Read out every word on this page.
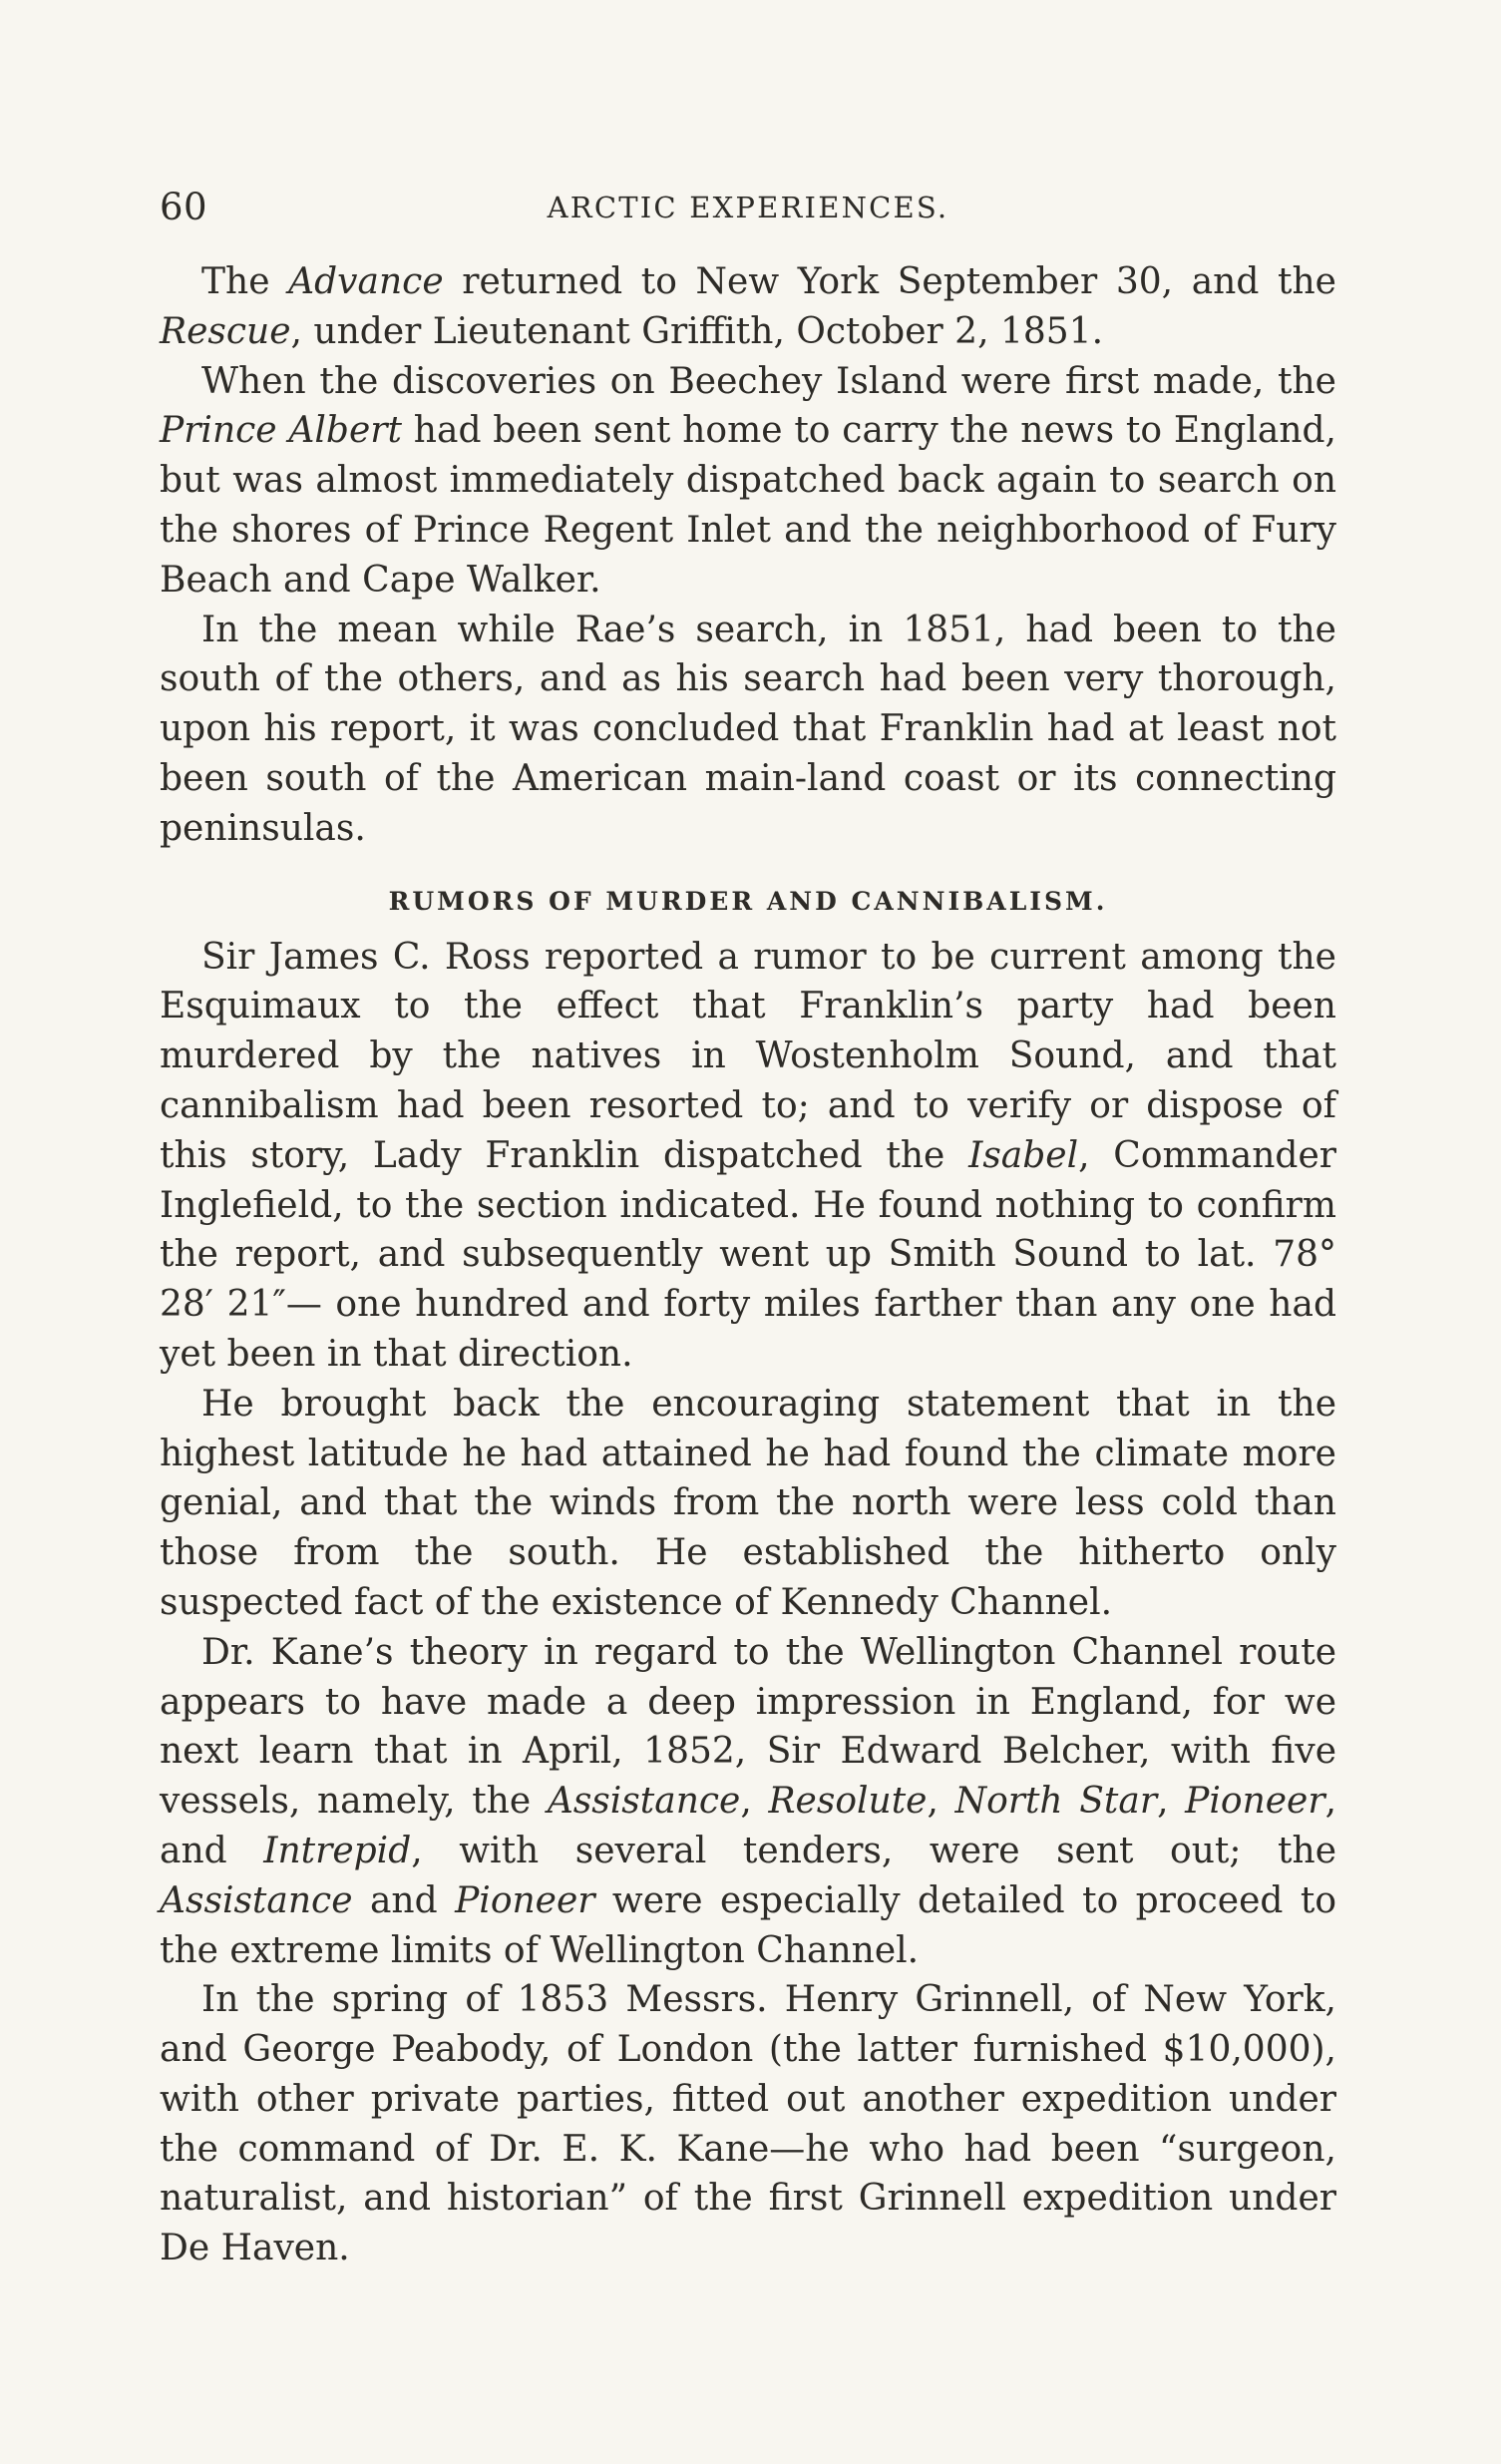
60	ARCTIC EXPERIENCES.

The Advance returned to New York September 30, and the Rescue, under Lieutenant Griffith, October 2, 1851.

When the discoveries on Beechey Island were first made, the Prince Albert had been sent home to carry the news to England, but was almost immediately dispatched back again to search on the shores of Prince Regent Inlet and the neighborhood of Fury Beach and Cape Walker.

In the mean while Rae’s search, in 1851, had been to the south of the others, and as his search had been very thorough, upon his report, it was concluded that Franklin had at least not been south of the American main-land coast or its connecting peninsulas.

RUMORS OF MURDER AND CANNIBALISM.

Sir James C. Ross reported a rumor to be current among the Esquimaux to the effect that Franklin’s party had been murdered by the natives in Wostenholm Sound, and that cannibalism had been resorted to; and to verify or dispose of this story, Lady Franklin dispatched the Isabel, Commander Inglefield, to the section indicated. He found nothing to confirm the report, and subsequently went up Smith Sound to lat. 78° 28′ 21″— one hundred and forty miles farther than any one had yet been in that direction.

He brought back the encouraging statement that in the highest latitude he had attained he had found the climate more genial, and that the winds from the north were less cold than those from the south. He established the hitherto only suspected fact of the existence of Kennedy Channel.

Dr. Kane’s theory in regard to the Wellington Channel route appears to have made a deep impression in England, for we next learn that in April, 1852, Sir Edward Belcher, with five vessels, namely, the Assistance, Resolute, North Star, Pioneer, and Intrepid, with several tenders, were sent out; the Assistance and Pioneer were especially detailed to proceed to the extreme limits of Wellington Channel.

In the spring of 1853 Messrs. Henry Grinnell, of New York, and George Peabody, of London (the latter furnished $10,000), with other private parties, fitted out another expedition under the command of Dr. E. K. Kane—he who had been “surgeon, naturalist, and historian” of the first Grinnell expedition under De Haven.
